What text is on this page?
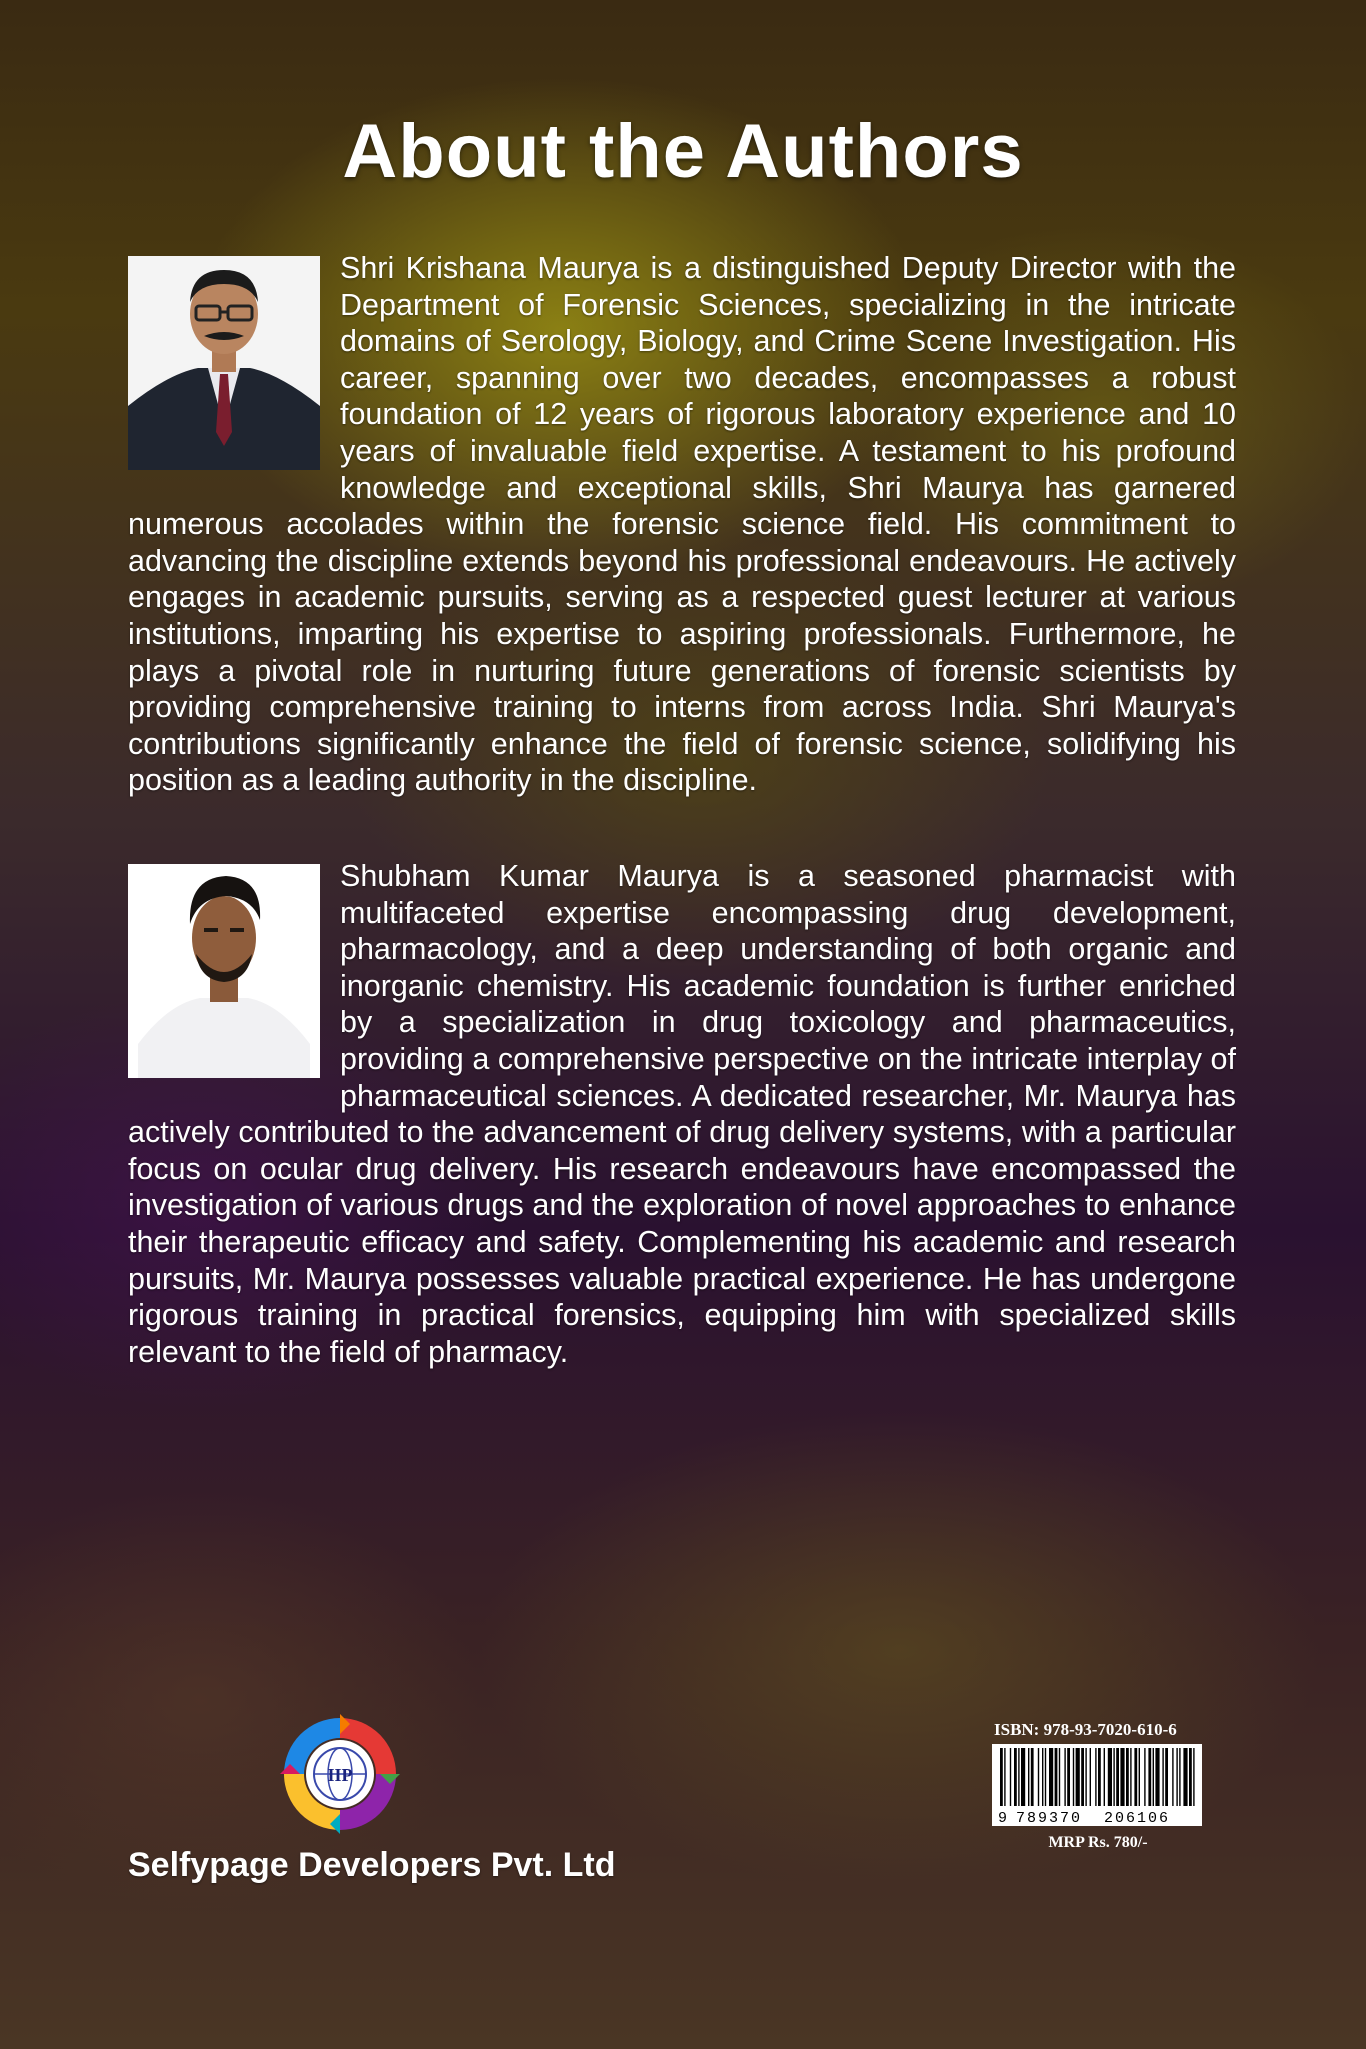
About the Authors
Shri Krishana Maurya is a distinguished Deputy Director with the Department of Forensic Sciences, specializing in the intricate domains of Serology, Biology, and Crime Scene Investigation. His career, spanning over two decades, encompasses a robust foundation of 12 years of rigorous laboratory experience and 10 years of invaluable field expertise. A testament to his profound knowledge and exceptional skills, Shri Maurya has garnered numerous accolades within the forensic science field. His commitment to advancing the discipline extends beyond his professional endeavours. He actively engages in academic pursuits, serving as a respected guest lecturer at various institutions, imparting his expertise to aspiring professionals. Furthermore, he plays a pivotal role in nurturing future generations of forensic scientists by providing comprehensive training to interns from across India. Shri Maurya's contributions significantly enhance the field of forensic science, solidifying his position as a leading authority in the discipline.
Shubham Kumar Maurya is a seasoned pharmacist with multifaceted expertise encompassing drug development, pharmacology, and a deep understanding of both organic and inorganic chemistry. His academic foundation is further enriched by a specialization in drug toxicology and pharmaceutics, providing a comprehensive perspective on the intricate interplay of pharmaceutical sciences. A dedicated researcher, Mr. Maurya has actively contributed to the advancement of drug delivery systems, with a particular focus on ocular drug delivery. His research endeavours have encompassed the investigation of various drugs and the exploration of novel approaches to enhance their therapeutic efficacy and safety. Complementing his academic and research pursuits, Mr. Maurya possesses valuable practical experience. He has undergone rigorous training in practical forensics, equipping him with specialized skills relevant to the field of pharmacy.
IIP
Selfypage Developers Pvt. Ltd
ISBN: 978-93-7020-610-6
9 789370 206106
MRP Rs. 780/-
